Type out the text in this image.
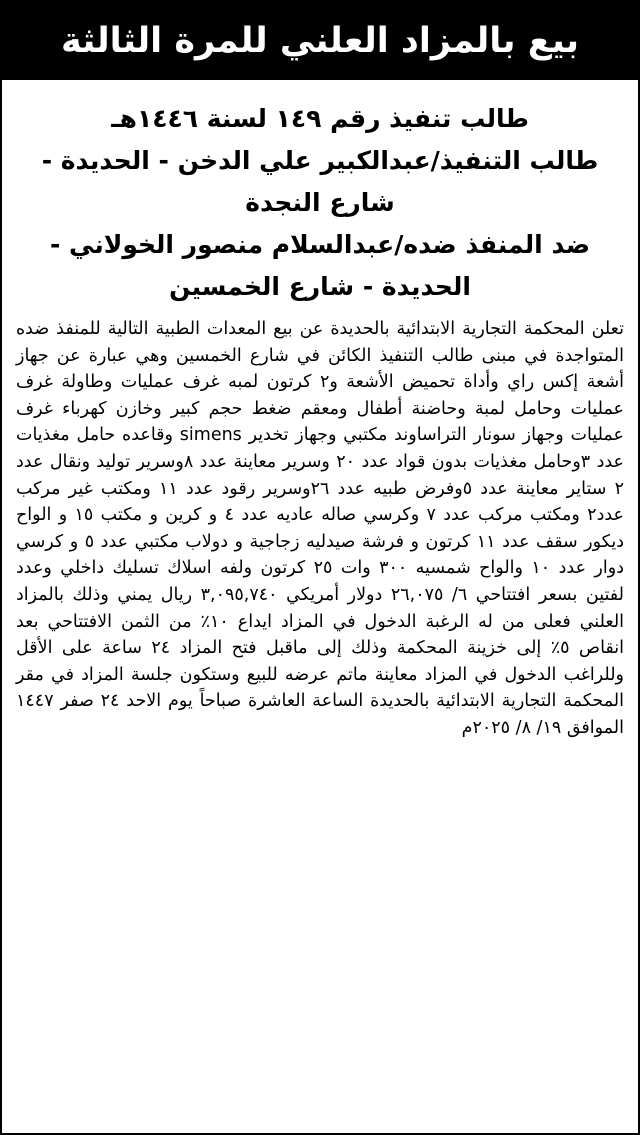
بيع بالمزاد العلني للمرة الثالثة
طالب تنفيذ رقم ١٤٩ لسنة ١٤٤٦هـ
طالب التنفيذ/عبدالكبير علي الدخن - الحديدة -
شارع النجدة
ضد المنفذ ضده/عبدالسلام منصور الخولاني -
الحديدة - شارع الخمسين
تعلن المحكمة التجارية الابتدائية بالحديدة عن بيع المعدات الطبية التالية للمنفذ ضده المتواجدة في مبنى طالب التنفيذ الكائن في شارع الخمسين وهي عبارة عن جهاز أشعة إكس راي وأداة تحميض الأشعة و٢ كرتون لمبه غرف عمليات وطاولة غرف عمليات وحامل لمبة وحاضنة أطفال ومعقم ضغط حجم كبير وخازن كهرباء غرف عمليات وجهاز سونار التراساوند مكتبي وجهاز تخدير simens وقاعده حامل مغذيات عدد ٣وحامل مغذيات بدون قواد عدد ٢٠ وسرير معاينة عدد ٨وسرير توليد ونقال عدد ٢ ستاير معاينة عدد ٥وفرض طبيه عدد ٢٦وسرير رقود عدد ١١ ومكتب غير مركب عدد٢ ومكتب مركب عدد ٧ وكرسي صاله عاديه عدد ٤ و كرين و مكتب ١٥ و الواح ديكور سقف عدد ١١ كرتون و فرشة صيدليه زجاجية و دولاب مكتبي عدد ٥ و كرسي دوار عدد ١٠ والواح شمسيه ٣٠٠ وات ٢٥ كرتون ولفه اسلاك تسليك داخلي وعدد لفتين بسعر افتتاحي ٦/ ٢٦,٠٧٥ دولار أمريكي ٣,٠٩٥,٧٤٠ ريال يمني وذلك بالمزاد العلني فعلى من له الرغبة الدخول في المزاد ايداع ١٠٪ من الثمن الافتتاحي بعد انقاص ٥٪ إلى خزينة المحكمة وذلك إلى ماقبل فتح المزاد ٢٤ ساعة على الأقل وللراغب الدخول في المزاد معاينة ماتم عرضه للبيع وستكون جلسة المزاد في مقر المحكمة التجارية الابتدائية بالحديدة الساعة العاشرة صباحاً يوم الاحد ٢٤ صفر ١٤٤٧ الموافق ١٩/ ٨/ ٢٠٢٥م
